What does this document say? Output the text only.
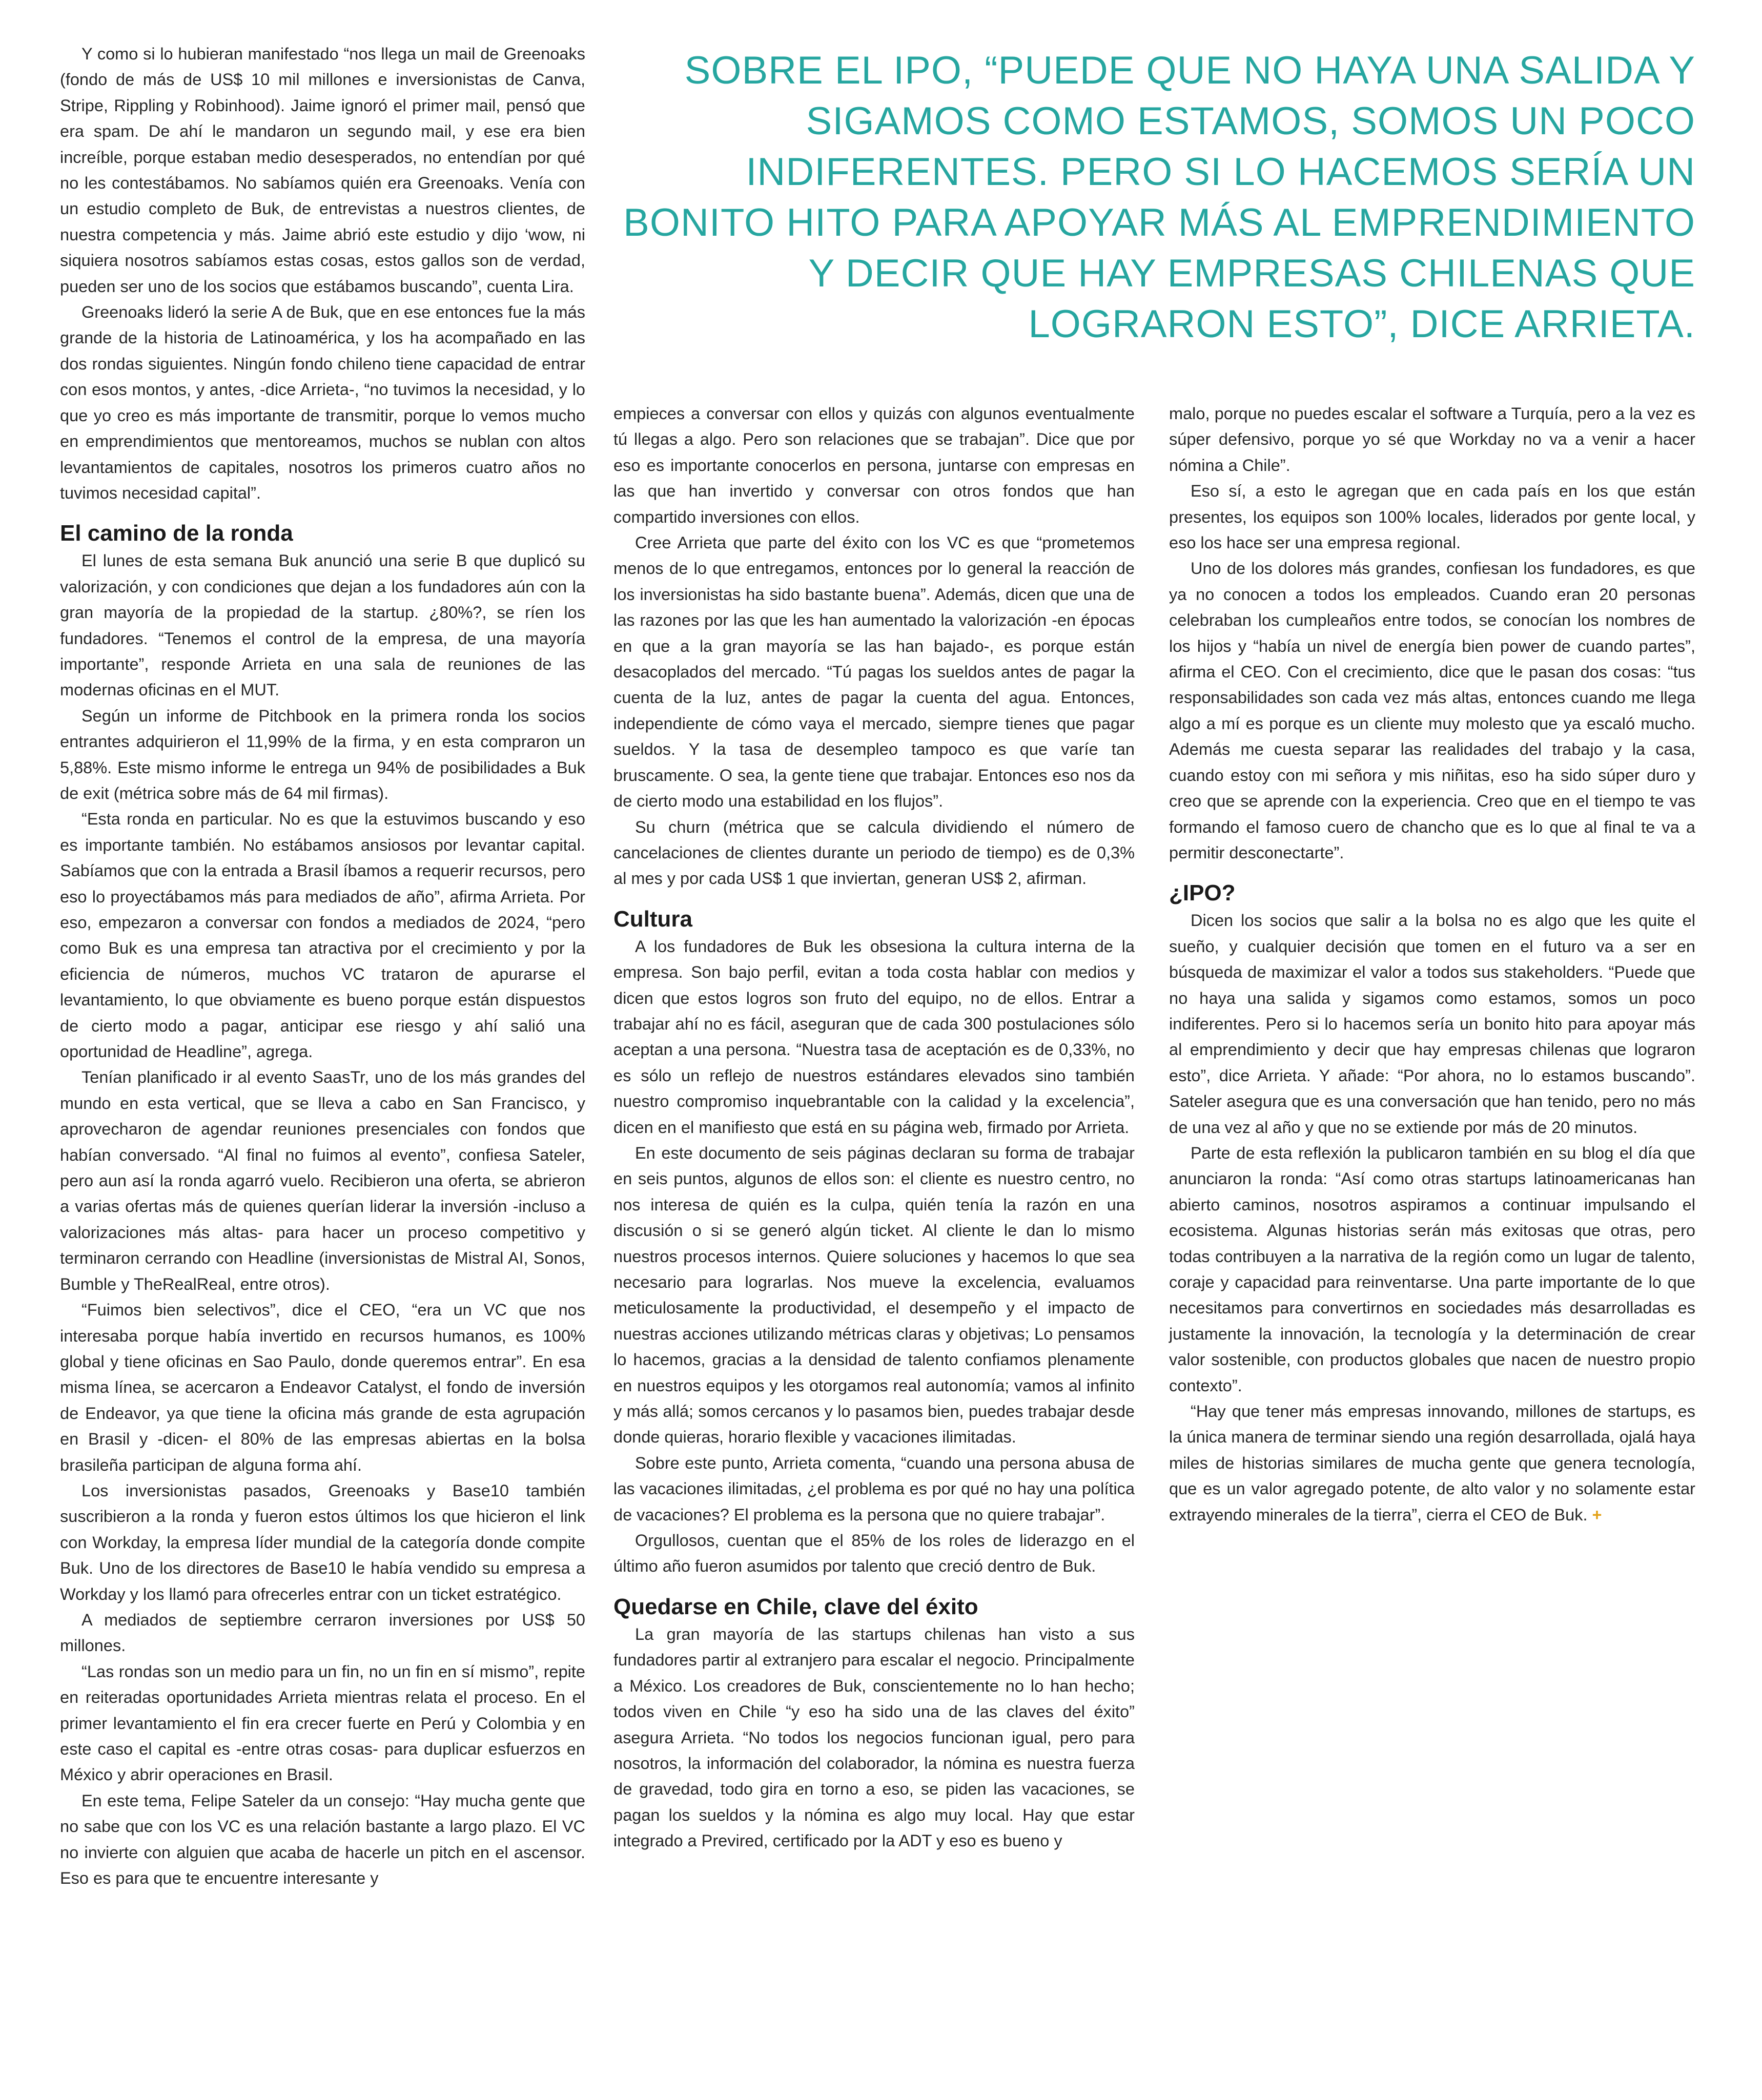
SOBRE EL IPO, “PUEDE QUE NO HAYA UNA SALIDA Y SIGAMOS COMO ESTAMOS, SOMOS UN POCO INDIFERENTES. PERO SI LO HACEMOS SERÍA UN BONITO HITO PARA APOYAR MÁS AL EMPRENDIMIENTO Y DECIR QUE HAY EMPRESAS CHILENAS QUE LOGRARON ESTO”, DICE ARRIETA.

Y como si lo hubieran manifestado “nos llega un mail de Greenoaks (fondo de más de US$ 10 mil millones e inversionistas de Canva, Stripe, Rippling y Robinhood). Jaime ignoró el primer mail, pensó que era spam. De ahí le mandaron un segundo mail, y ese era bien increíble, porque estaban medio desesperados, no entendían por qué no les contestábamos. No sabíamos quién era Greenoaks. Venía con un estudio completo de Buk, de entrevistas a nuestros clientes, de nuestra competencia y más. Jaime abrió este estudio y dijo ‘wow, ni siquiera nosotros sabíamos estas cosas, estos gallos son de verdad, pueden ser uno de los socios que estábamos buscando”, cuenta Lira.

Greenoaks lideró la serie A de Buk, que en ese entonces fue la más grande de la historia de Latinoamérica, y los ha acompañado en las dos rondas siguientes. Ningún fondo chileno tiene capacidad de entrar con esos montos, y antes, -dice Arrieta-, “no tuvimos la necesidad, y lo que yo creo es más importante de transmitir, porque lo vemos mucho en emprendimientos que mentoreamos, muchos se nublan con altos levantamientos de capitales, nosotros los primeros cuatro años no tuvimos necesidad capital”.

El camino de la ronda

El lunes de esta semana Buk anunció una serie B que duplicó su valorización, y con condiciones que dejan a los fundadores aún con la gran mayoría de la propiedad de la startup. ¿80%?, se ríen los fundadores. “Tenemos el control de la empresa, de una mayoría importante”, responde Arrieta en una sala de reuniones de las modernas oficinas en el MUT.

Según un informe de Pitchbook en la primera ronda los socios entrantes adquirieron el 11,99% de la firma, y en esta compraron un 5,88%. Este mismo informe le entrega un 94% de posibilidades a Buk de exit (métrica sobre más de 64 mil firmas).

“Esta ronda en particular. No es que la estuvimos buscando y eso es importante también. No estábamos ansiosos por levantar capital. Sabíamos que con la entrada a Brasil íbamos a requerir recursos, pero eso lo proyectábamos más para mediados de año”, afirma Arrieta. Por eso, empezaron a conversar con fondos a mediados de 2024, “pero como Buk es una empresa tan atractiva por el crecimiento y por la eficiencia de números, muchos VC trataron de apurarse el levantamiento, lo que obviamente es bueno porque están dispuestos de cierto modo a pagar, anticipar ese riesgo y ahí salió una oportunidad de Headline”, agrega.

Tenían planificado ir al evento SaasTr, uno de los más grandes del mundo en esta vertical, que se lleva a cabo en San Francisco, y aprovecharon de agendar reuniones presenciales con fondos que habían conversado. “Al final no fuimos al evento”, confiesa Sateler, pero aun así la ronda agarró vuelo. Recibieron una oferta, se abrieron a varias ofertas más de quienes querían liderar la inversión -incluso a valorizaciones más altas- para hacer un proceso competitivo y terminaron cerrando con Headline (inversionistas de Mistral AI, Sonos, Bumble y TheRealReal, entre otros).

“Fuimos bien selectivos”, dice el CEO, “era un VC que nos interesaba porque había invertido en recursos humanos, es 100% global y tiene oficinas en Sao Paulo, donde queremos entrar”. En esa misma línea, se acercaron a Endeavor Catalyst, el fondo de inversión de Endeavor, ya que tiene la oficina más grande de esta agrupación en Brasil y -dicen- el 80% de las empresas abiertas en la bolsa brasileña participan de alguna forma ahí.

Los inversionistas pasados, Greenoaks y Base10 también suscribieron a la ronda y fueron estos últimos los que hicieron el link con Workday, la empresa líder mundial de la categoría donde compite Buk. Uno de los directores de Base10 le había vendido su empresa a Workday y los llamó para ofrecerles entrar con un ticket estratégico.

A mediados de septiembre cerraron inversiones por US$ 50 millones.

“Las rondas son un medio para un fin, no un fin en sí mismo”, repite en reiteradas oportunidades Arrieta mientras relata el proceso. En el primer levantamiento el fin era crecer fuerte en Perú y Colombia y en este caso el capital es -entre otras cosas- para duplicar esfuerzos en México y abrir operaciones en Brasil.

En este tema, Felipe Sateler da un consejo: “Hay mucha gente que no sabe que con los VC es una relación bastante a largo plazo. El VC no invierte con alguien que acaba de hacerle un pitch en el ascensor. Eso es para que te encuentre interesante y

empieces a conversar con ellos y quizás con algunos eventualmente tú llegas a algo. Pero son relaciones que se trabajan”. Dice que por eso es importante conocerlos en persona, juntarse con empresas en las que han invertido y conversar con otros fondos que han compartido inversiones con ellos.

Cree Arrieta que parte del éxito con los VC es que “prometemos menos de lo que entregamos, entonces por lo general la reacción de los inversionistas ha sido bastante buena”. Además, dicen que una de las razones por las que les han aumentado la valorización -en épocas en que a la gran mayoría se las han bajado-, es porque están desacoplados del mercado. “Tú pagas los sueldos antes de pagar la cuenta de la luz, antes de pagar la cuenta del agua. Entonces, independiente de cómo vaya el mercado, siempre tienes que pagar sueldos. Y la tasa de desempleo tampoco es que varíe tan bruscamente. O sea, la gente tiene que trabajar. Entonces eso nos da de cierto modo una estabilidad en los flujos”.

Su churn (métrica que se calcula dividiendo el número de cancelaciones de clientes durante un periodo de tiempo) es de 0,3% al mes y por cada US$ 1 que inviertan, generan US$ 2, afirman.

Cultura

A los fundadores de Buk les obsesiona la cultura interna de la empresa. Son bajo perfil, evitan a toda costa hablar con medios y dicen que estos logros son fruto del equipo, no de ellos. Entrar a trabajar ahí no es fácil, aseguran que de cada 300 postulaciones sólo aceptan a una persona. “Nuestra tasa de aceptación es de 0,33%, no es sólo un reflejo de nuestros estándares elevados sino también nuestro compromiso inquebrantable con la calidad y la excelencia”, dicen en el manifiesto que está en su página web, firmado por Arrieta.

En este documento de seis páginas declaran su forma de trabajar en seis puntos, algunos de ellos son: el cliente es nuestro centro, no nos interesa de quién es la culpa, quién tenía la razón en una discusión o si se generó algún ticket. Al cliente le dan lo mismo nuestros procesos internos. Quiere soluciones y hacemos lo que sea necesario para lograrlas. Nos mueve la excelencia, evaluamos meticulosamente la productividad, el desempeño y el impacto de nuestras acciones utilizando métricas claras y objetivas; Lo pensamos lo hacemos, gracias a la densidad de talento confiamos plenamente en nuestros equipos y les otorgamos real autonomía; vamos al infinito y más allá; somos cercanos y lo pasamos bien, puedes trabajar desde donde quieras, horario flexible y vacaciones ilimitadas.

Sobre este punto, Arrieta comenta, “cuando una persona abusa de las vacaciones ilimitadas, ¿el problema es por qué no hay una política de vacaciones? El problema es la persona que no quiere trabajar”.

Orgullosos, cuentan que el 85% de los roles de liderazgo en el último año fueron asumidos por talento que creció dentro de Buk.

Quedarse en Chile, clave del éxito

La gran mayoría de las startups chilenas han visto a sus fundadores partir al extranjero para escalar el negocio. Principalmente a México. Los creadores de Buk, conscientemente no lo han hecho; todos viven en Chile “y eso ha sido una de las claves del éxito” asegura Arrieta. “No todos los negocios funcionan igual, pero para nosotros, la información del colaborador, la nómina es nuestra fuerza de gravedad, todo gira en torno a eso, se piden las vacaciones, se pagan los sueldos y la nómina es algo muy local. Hay que estar integrado a Previred, certificado por la ADT y eso es bueno y

malo, porque no puedes escalar el software a Turquía, pero a la vez es súper defensivo, porque yo sé que Workday no va a venir a hacer nómina a Chile”.

Eso sí, a esto le agregan que en cada país en los que están presentes, los equipos son 100% locales, liderados por gente local, y eso los hace ser una empresa regional.

Uno de los dolores más grandes, confiesan los fundadores, es que ya no conocen a todos los empleados. Cuando eran 20 personas celebraban los cumpleaños entre todos, se conocían los nombres de los hijos y “había un nivel de energía bien power de cuando partes”, afirma el CEO. Con el crecimiento, dice que le pasan dos cosas: “tus responsabilidades son cada vez más altas, entonces cuando me llega algo a mí es porque es un cliente muy molesto que ya escaló mucho. Además me cuesta separar las realidades del trabajo y la casa, cuando estoy con mi señora y mis niñitas, eso ha sido súper duro y creo que se aprende con la experiencia. Creo que en el tiempo te vas formando el famoso cuero de chancho que es lo que al final te va a permitir desconectarte”.

¿IPO?

Dicen los socios que salir a la bolsa no es algo que les quite el sueño, y cualquier decisión que tomen en el futuro va a ser en búsqueda de maximizar el valor a todos sus stakeholders. “Puede que no haya una salida y sigamos como estamos, somos un poco indiferentes. Pero si lo hacemos sería un bonito hito para apoyar más al emprendimiento y decir que hay empresas chilenas que lograron esto”, dice Arrieta. Y añade: “Por ahora, no lo estamos buscando”. Sateler asegura que es una conversación que han tenido, pero no más de una vez al año y que no se extiende por más de 20 minutos.

Parte de esta reflexión la publicaron también en su blog el día que anunciaron la ronda: “Así como otras startups latinoamericanas han abierto caminos, nosotros aspiramos a continuar impulsando el ecosistema. Algunas historias serán más exitosas que otras, pero todas contribuyen a la narrativa de la región como un lugar de talento, coraje y capacidad para reinventarse. Una parte importante de lo que necesitamos para convertirnos en sociedades más desarrolladas es justamente la innovación, la tecnología y la determinación de crear valor sostenible, con productos globales que nacen de nuestro propio contexto”.

“Hay que tener más empresas innovando, millones de startups, es la única manera de terminar siendo una región desarrollada, ojalá haya miles de historias similares de mucha gente que genera tecnología, que es un valor agregado potente, de alto valor y no solamente estar extrayendo minerales de la tierra”, cierra el CEO de Buk. +
